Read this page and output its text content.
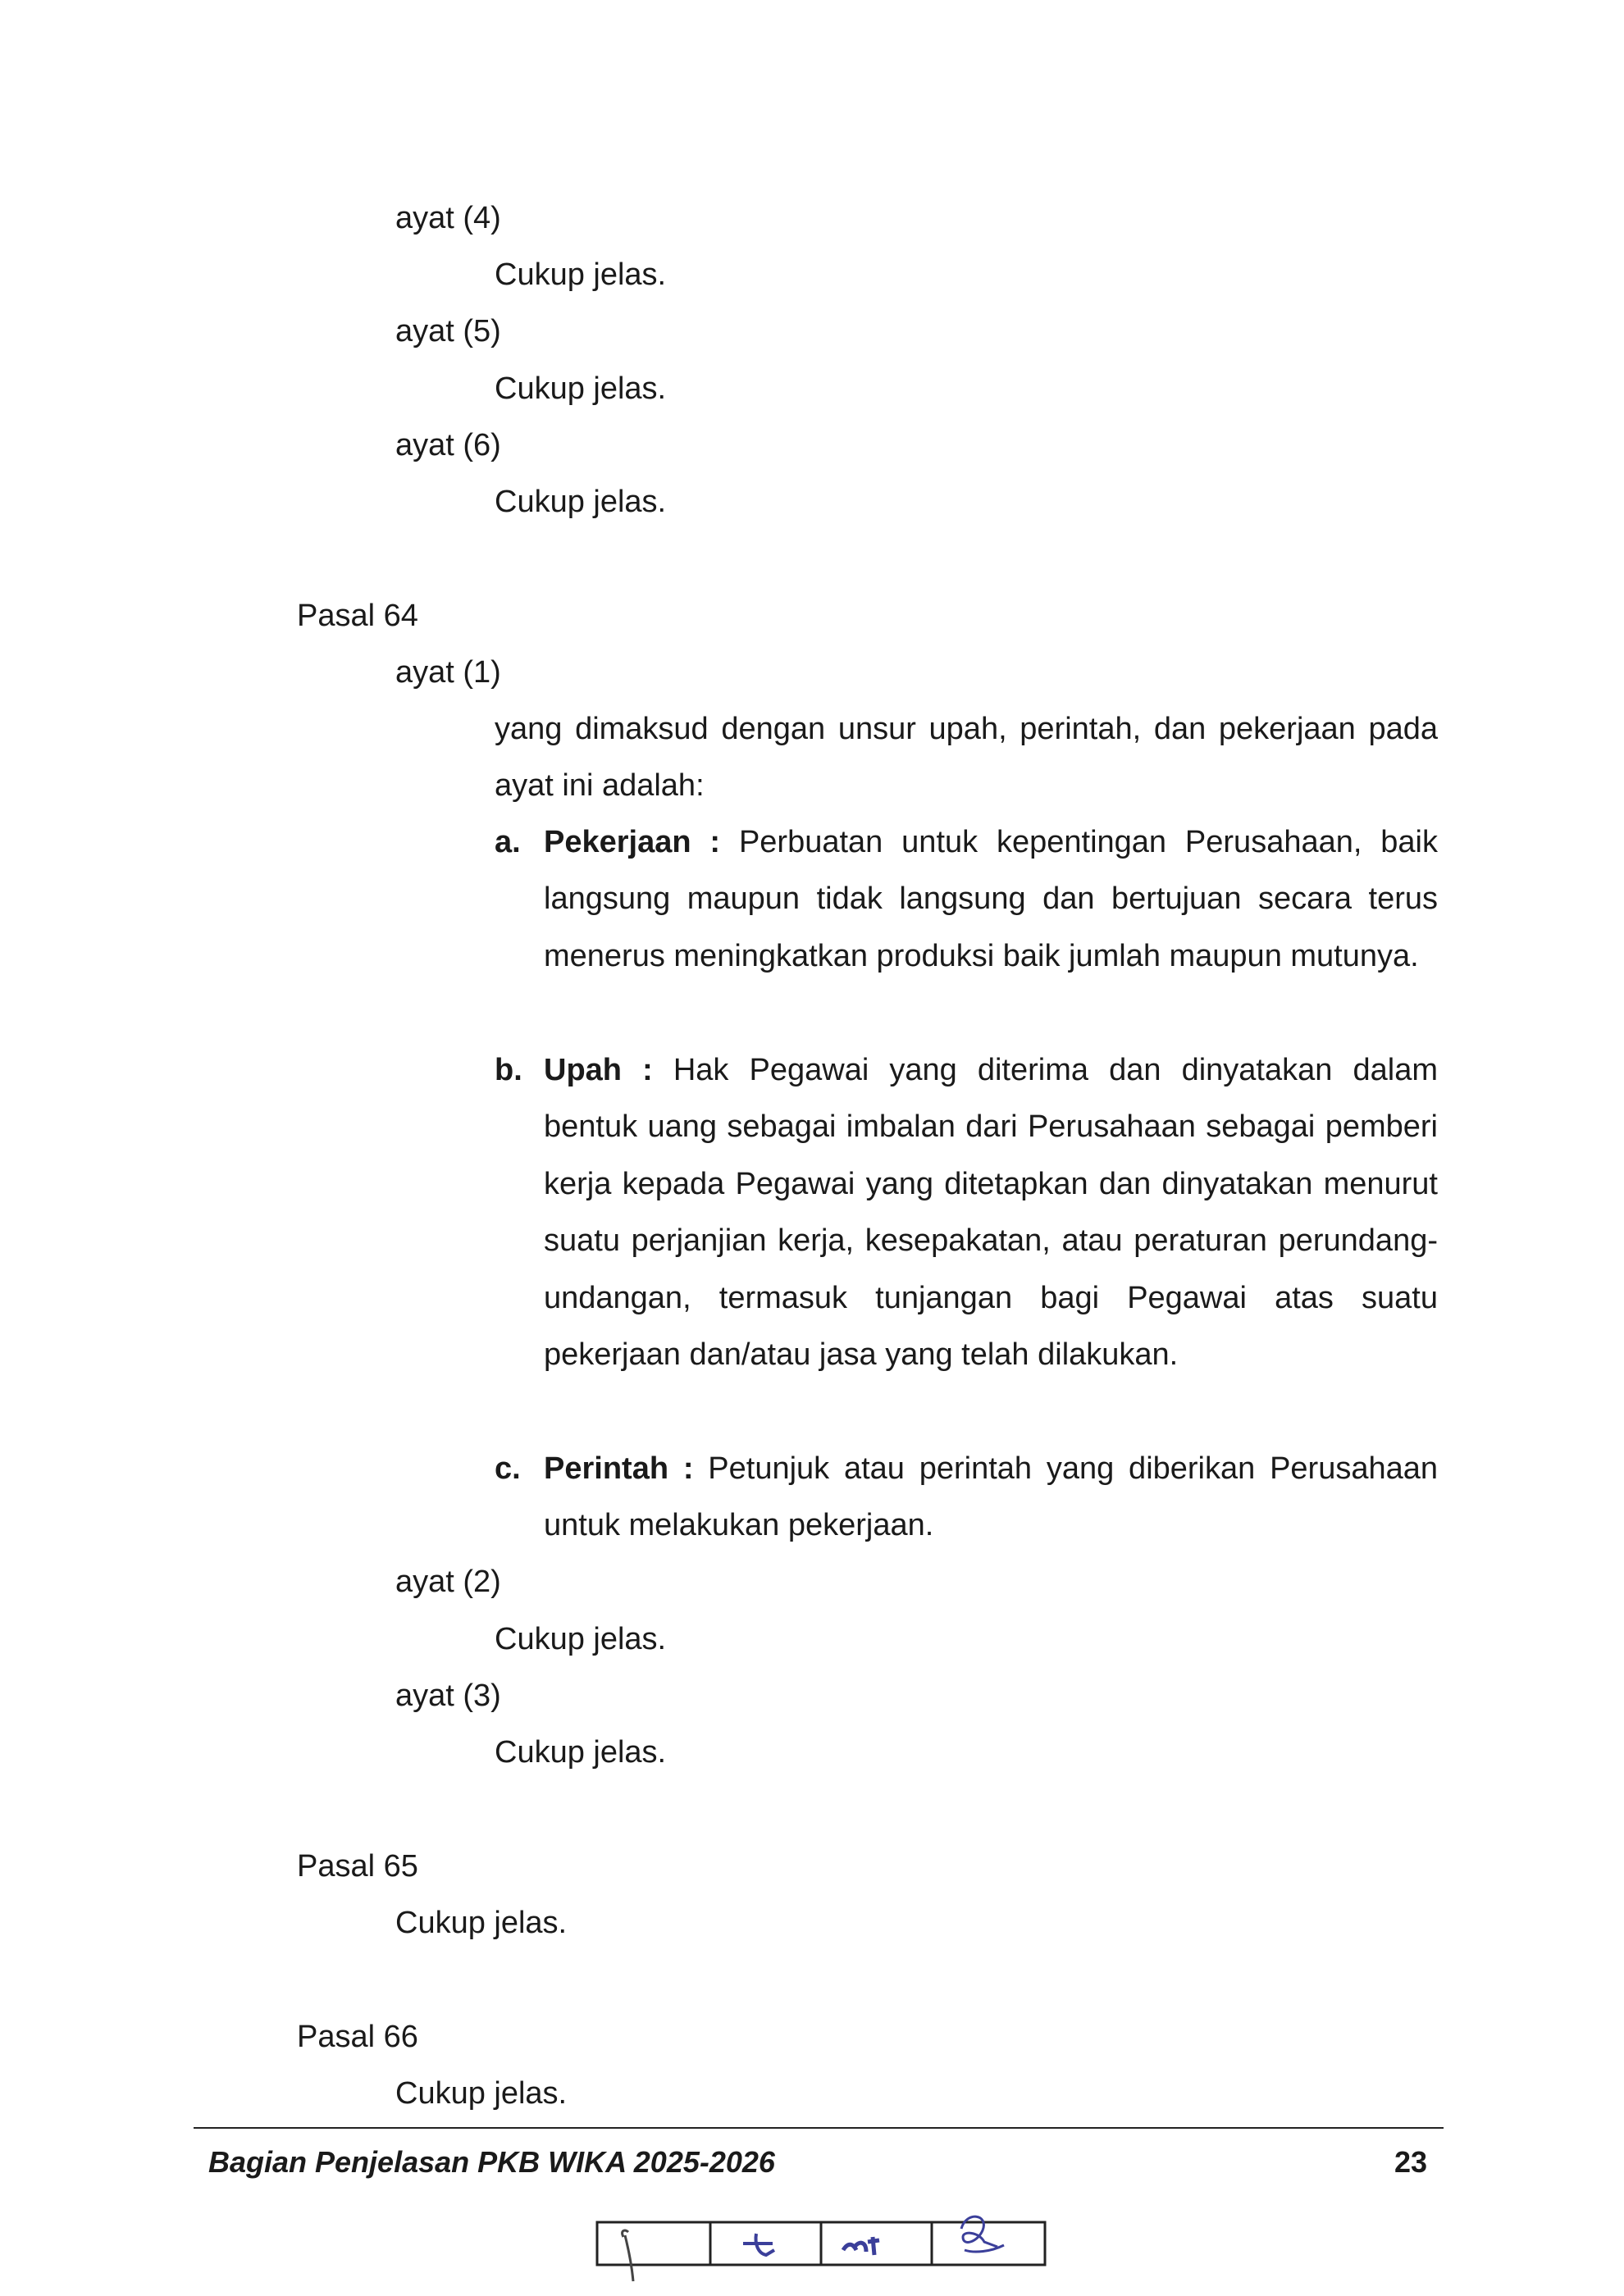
ayat (4)
Cukup jelas.
ayat (5)
Cukup jelas.
ayat (6)
Cukup jelas.
Pasal 64
ayat (1)
yang dimaksud dengan unsur upah, perintah, dan pekerjaan pada ayat ini adalah:
a. Pekerjaan : Perbuatan untuk kepentingan Perusahaan, baik langsung maupun tidak langsung dan bertujuan secara terus menerus meningkatkan produksi baik jumlah maupun mutunya.
b. Upah : Hak Pegawai yang diterima dan dinyatakan dalam bentuk uang sebagai imbalan dari Perusahaan sebagai pemberi kerja kepada Pegawai yang ditetapkan dan dinyatakan menurut suatu perjanjian kerja, kesepakatan, atau peraturan perundang-undangan, termasuk tunjangan bagi Pegawai atas suatu pekerjaan dan/atau jasa yang telah dilakukan.
c. Perintah : Petunjuk atau perintah yang diberikan Perusahaan untuk melakukan pekerjaan.
ayat (2)
Cukup jelas.
ayat (3)
Cukup jelas.
Pasal 65
Cukup jelas.
Pasal 66
Cukup jelas.
Bagian Penjelasan PKB WIKA 2025-2026	23
